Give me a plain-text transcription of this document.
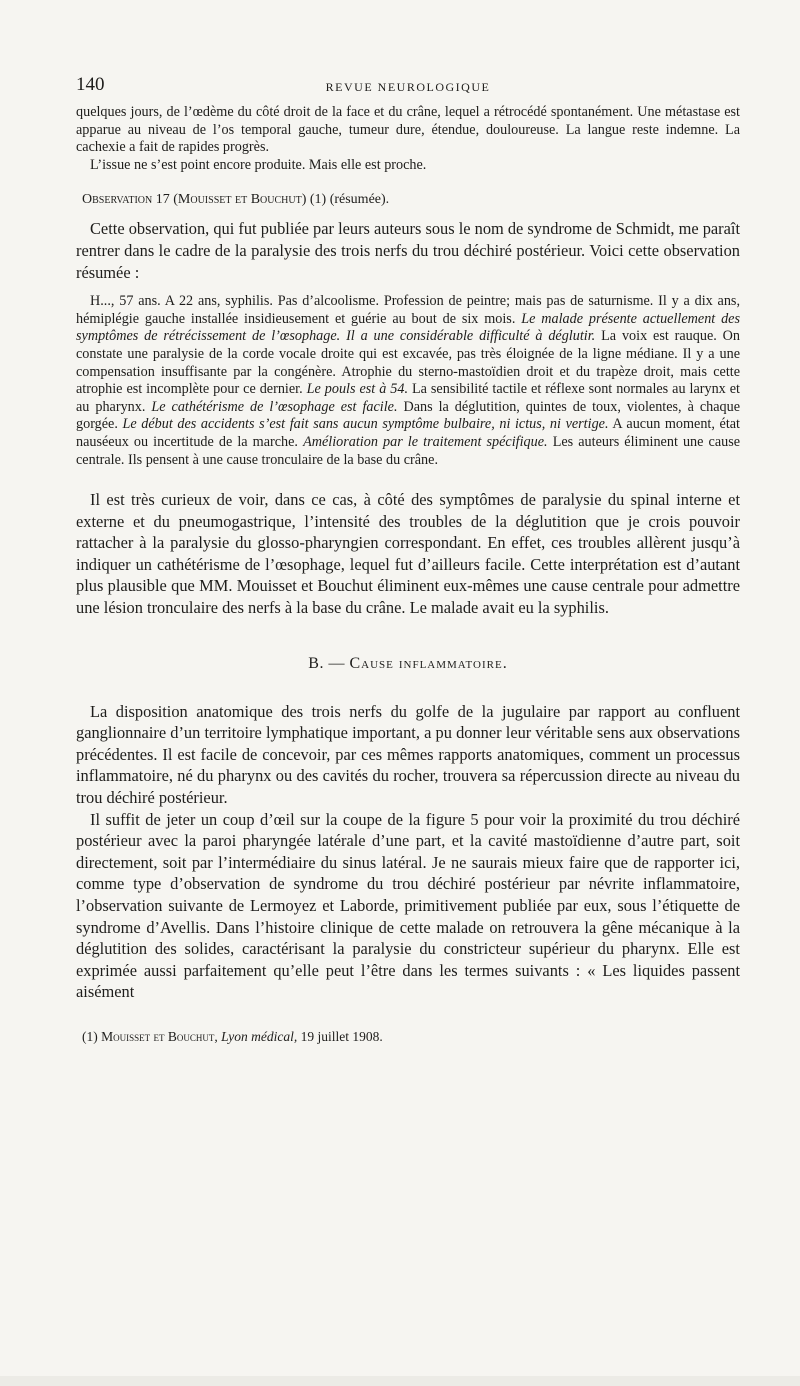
140	REVUE NEUROLOGIQUE

quelques jours, de l’œdème du côté droit de la face et du crâne, lequel a rétrocédé spontanément. Une métastase est apparue au niveau de l’os temporal gauche, tumeur dure, étendue, douloureuse. La langue reste indemne. La cachexie a fait de rapides progrès.

L’issue ne s’est point encore produite. Mais elle est proche.

Observation 17 (Mouisset et Bouchut) (1) (résumée).

Cette observation, qui fut publiée par leurs auteurs sous le nom de syndrome de Schmidt, me paraît rentrer dans le cadre de la paralysie des trois nerfs du trou déchiré postérieur. Voici cette observation résumée :

H..., 57 ans. A 22 ans, syphilis. Pas d’alcoolisme. Profession de peintre; mais pas de saturnisme. Il y a dix ans, hémiplégie gauche installée insidieusement et guérie au bout de six mois. Le malade présente actuellement des symptômes de rétrécissement de l’œsophage. Il a une considérable difficulté à déglutir. La voix est rauque. On constate une paralysie de la corde vocale droite qui est excavée, pas très éloignée de la ligne médiane. Il y a une compensation insuffisante par la congénère. Atrophie du sterno-mastoïdien droit et du trapèze droit, mais cette atrophie est incomplète pour ce dernier. Le pouls est à 54. La sensibilité tactile et réflexe sont normales au larynx et au pharynx. Le cathétérisme de l’œsophage est facile. Dans la déglutition, quintes de toux, violentes, à chaque gorgée. Le début des accidents s’est fait sans aucun symptôme bulbaire, ni ictus, ni vertige. A aucun moment, état nauséeux ou incertitude de la marche. Amélioration par le traitement spécifique. Les auteurs éliminent une cause centrale. Ils pensent à une cause tronculaire de la base du crâne.

Il est très curieux de voir, dans ce cas, à côté des symptômes de paralysie du spinal interne et externe et du pneumogastrique, l’intensité des troubles de la déglutition que je crois pouvoir rattacher à la paralysie du glosso-pharyngien correspondant. En effet, ces troubles allèrent jusqu’à indiquer un cathétérisme de l’œsophage, lequel fut d’ailleurs facile. Cette interprétation est d’autant plus plausible que MM. Mouisset et Bouchut éliminent eux-mêmes une cause centrale pour admettre une lésion tronculaire des nerfs à la base du crâne. Le malade avait eu la syphilis.

B. — Cause inflammatoire.

La disposition anatomique des trois nerfs du golfe de la jugulaire par rapport au confluent ganglionnaire d’un territoire lymphatique important, a pu donner leur véritable sens aux observations précédentes. Il est facile de concevoir, par ces mêmes rapports anatomiques, comment un processus inflammatoire, né du pharynx ou des cavités du rocher, trouvera sa répercussion directe au niveau du trou déchiré postérieur.

Il suffit de jeter un coup d’œil sur la coupe de la figure 5 pour voir la proximité du trou déchiré postérieur avec la paroi pharyngée latérale d’une part, et la cavité mastoïdienne d’autre part, soit directement, soit par l’intermédiaire du sinus latéral. Je ne saurais mieux faire que de rapporter ici, comme type d’observation de syndrome du trou déchiré postérieur par névrite inflammatoire, l’observation suivante de Lermoyez et Laborde, primitivement publiée par eux, sous l’étiquette de syndrome d’Avellis. Dans l’histoire clinique de cette malade on retrouvera la gêne mécanique à la déglutition des solides, caractérisant la paralysie du constricteur supérieur du pharynx. Elle est exprimée aussi parfaitement qu’elle peut l’être dans les termes suivants : « Les liquides passent aisément

(1) Mouisset et Bouchut, Lyon médical, 19 juillet 1908.
